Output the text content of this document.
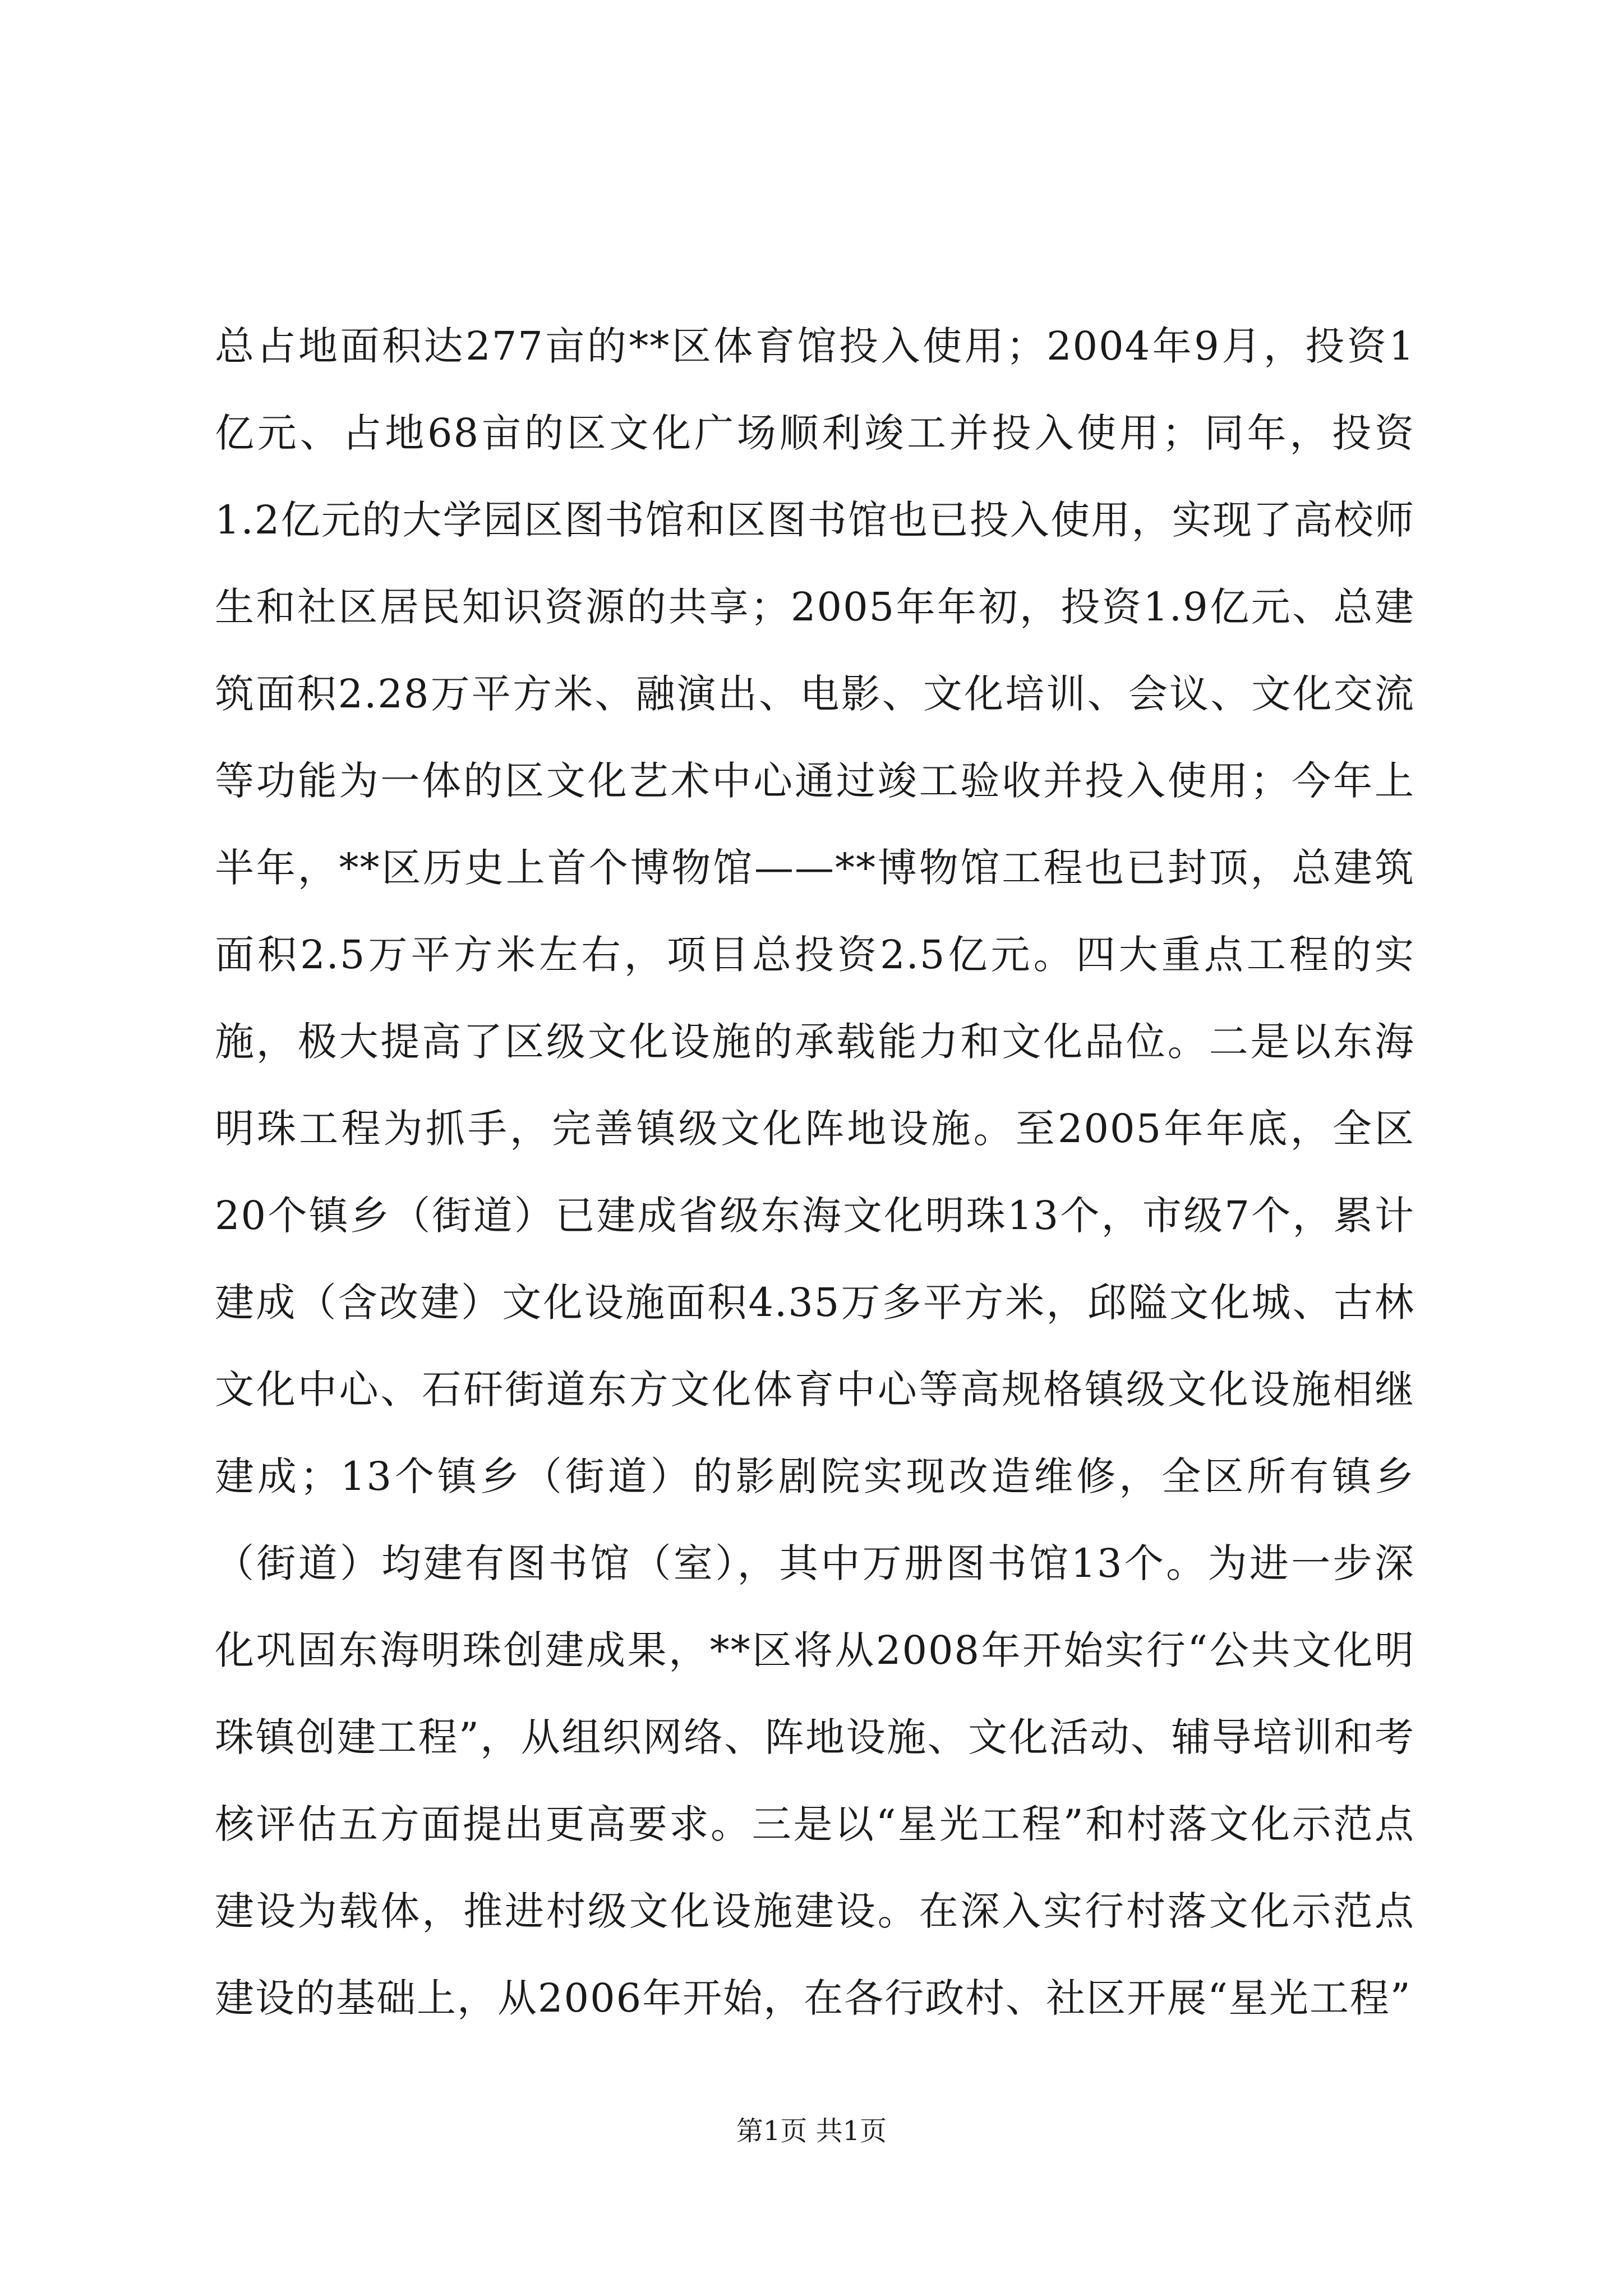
总占地面积达277亩的**区体育馆投入使用；2004年9月，投资1亿元、占地68亩的区文化广场顺利竣工并投入使用；同年，投资1.2亿元的大学园区图书馆和区图书馆也已投入使用，实现了高校师生和社区居民知识资源的共享；2005年年初，投资1.9亿元、总建筑面积2.28万平方米、融演出、电影、文化培训、会议、文化交流等功能为一体的区文化艺术中心通过竣工验收并投入使用；今年上半年，**区历史上首个博物馆——**博物馆工程也已封顶，总建筑面积2.5万平方米左右，项目总投资2.5亿元。四大重点工程的实施，极大提高了区级文化设施的承载能力和文化品位。二是以东海明珠工程为抓手，完善镇级文化阵地设施。至2005年年底，全区20个镇乡（街道）已建成省级东海文化明珠13个，市级7个，累计建成（含改建）文化设施面积4.35万多平方米，邱隘文化城、古林文化中心、石矸街道东方文化体育中心等高规格镇级文化设施相继建成；13个镇乡（街道）的影剧院实现改造维修，全区所有镇乡（街道）均建有图书馆（室），其中万册图书馆13个。为进一步深化巩固东海明珠创建成果，**区将从2008年开始实行“公共文化明珠镇创建工程”，从组织网络、阵地设施、文化活动、辅导培训和考核评估五方面提出更高要求。三是以“星光工程”和村落文化示范点建设为载体，推进村级文化设施建设。在深入实行村落文化示范点建设的基础上，从2006年开始，在各行政村、社区开展“星光工程”

第1页 共1页
